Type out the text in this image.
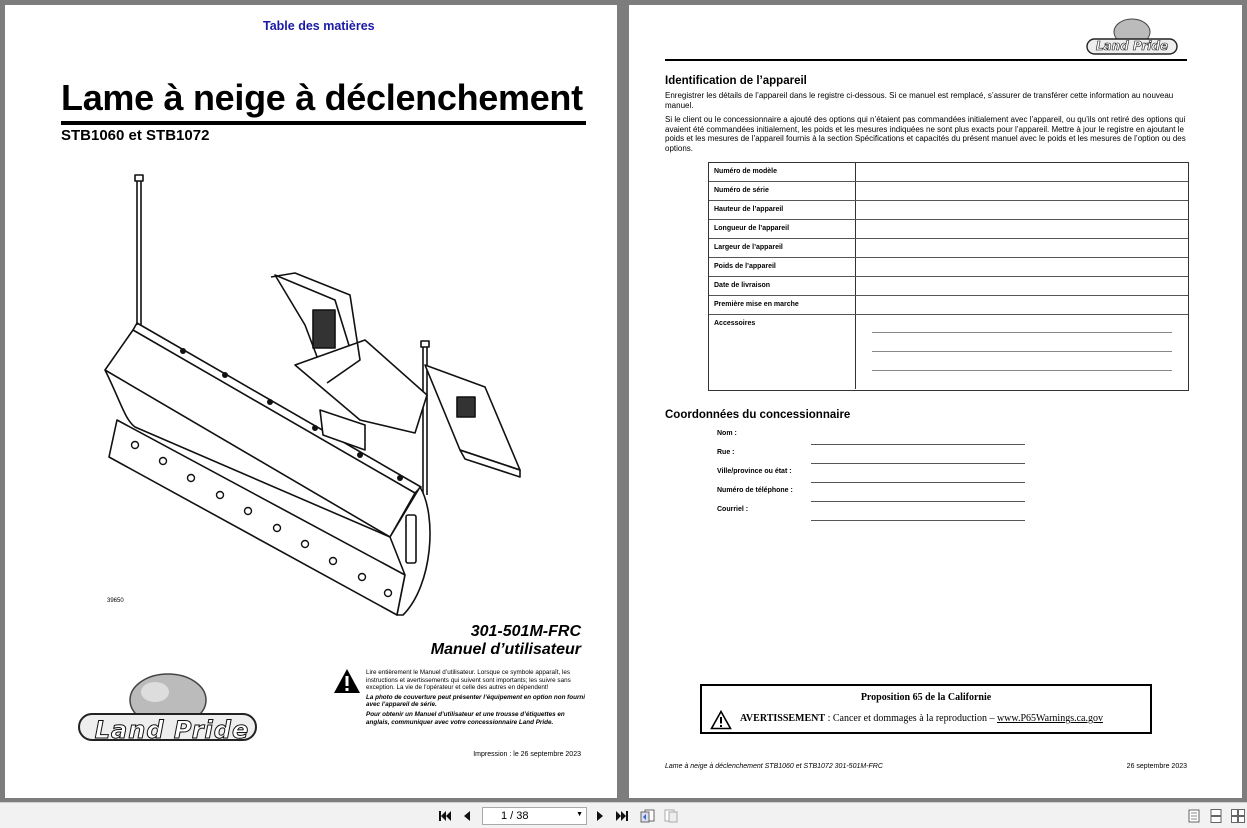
Table des matières
Lame à neige à déclenchement
STB1060 et STB1072
39650
301-501M-FRC
Manuel d’utilisateur
Land Pride

Lire entièrement le Manuel d’utilisateur. Lorsque ce symbole apparaît, les instructions et avertissements qui suivent sont importants; les suivre sans exception. La vie de l’opérateur et celle des autres en dépendent!

La photo de couverture peut présenter l’équipement en option non fourni avec l’appareil de série.

Pour obtenir un Manuel d’utilisateur et une trousse d’étiquettes en anglais, communiquer avec votre concessionnaire Land Pride.

Impression : le 26 septembre 2023
Land Pride
Identification de l’appareil
Enregistrer les détails de l’appareil dans le registre ci-dessous. Si ce manuel est remplacé, s’assurer de transférer cette information au nouveau manuel.
Si le client ou le concessionnaire a ajouté des options qui n’étaient pas commandées initialement avec l’appareil, ou qu’ils ont retiré des options qui avaient été commandées initialement, les poids et les mesures indiquées ne sont plus exacts pour l’appareil. Mettre à jour le registre en ajoutant le poids et les mesures de l’appareil fournis à la section Spécifications et capacités du présent manuel avec le poids et les mesures de l’option ou des options.
Numéro de modèle
Numéro de série
Hauteur de l’appareil
Longueur de l’appareil
Largeur de l’appareil
Poids de l’appareil
Date de livraison
Première mise en marche
Accessoires
Coordonnées du concessionnaire
Nom :
Rue :
Ville/province ou état :
Numéro de téléphone :
Courriel :
Proposition 65 de la Californie
AVERTISSEMENT : Cancer et dommages à la reproduction – www.P65Warnings.ca.gov
Lame à neige à déclenchement STB1060 et STB1072 301-501M-FRC	26 septembre 2023
1 / 38	▼
